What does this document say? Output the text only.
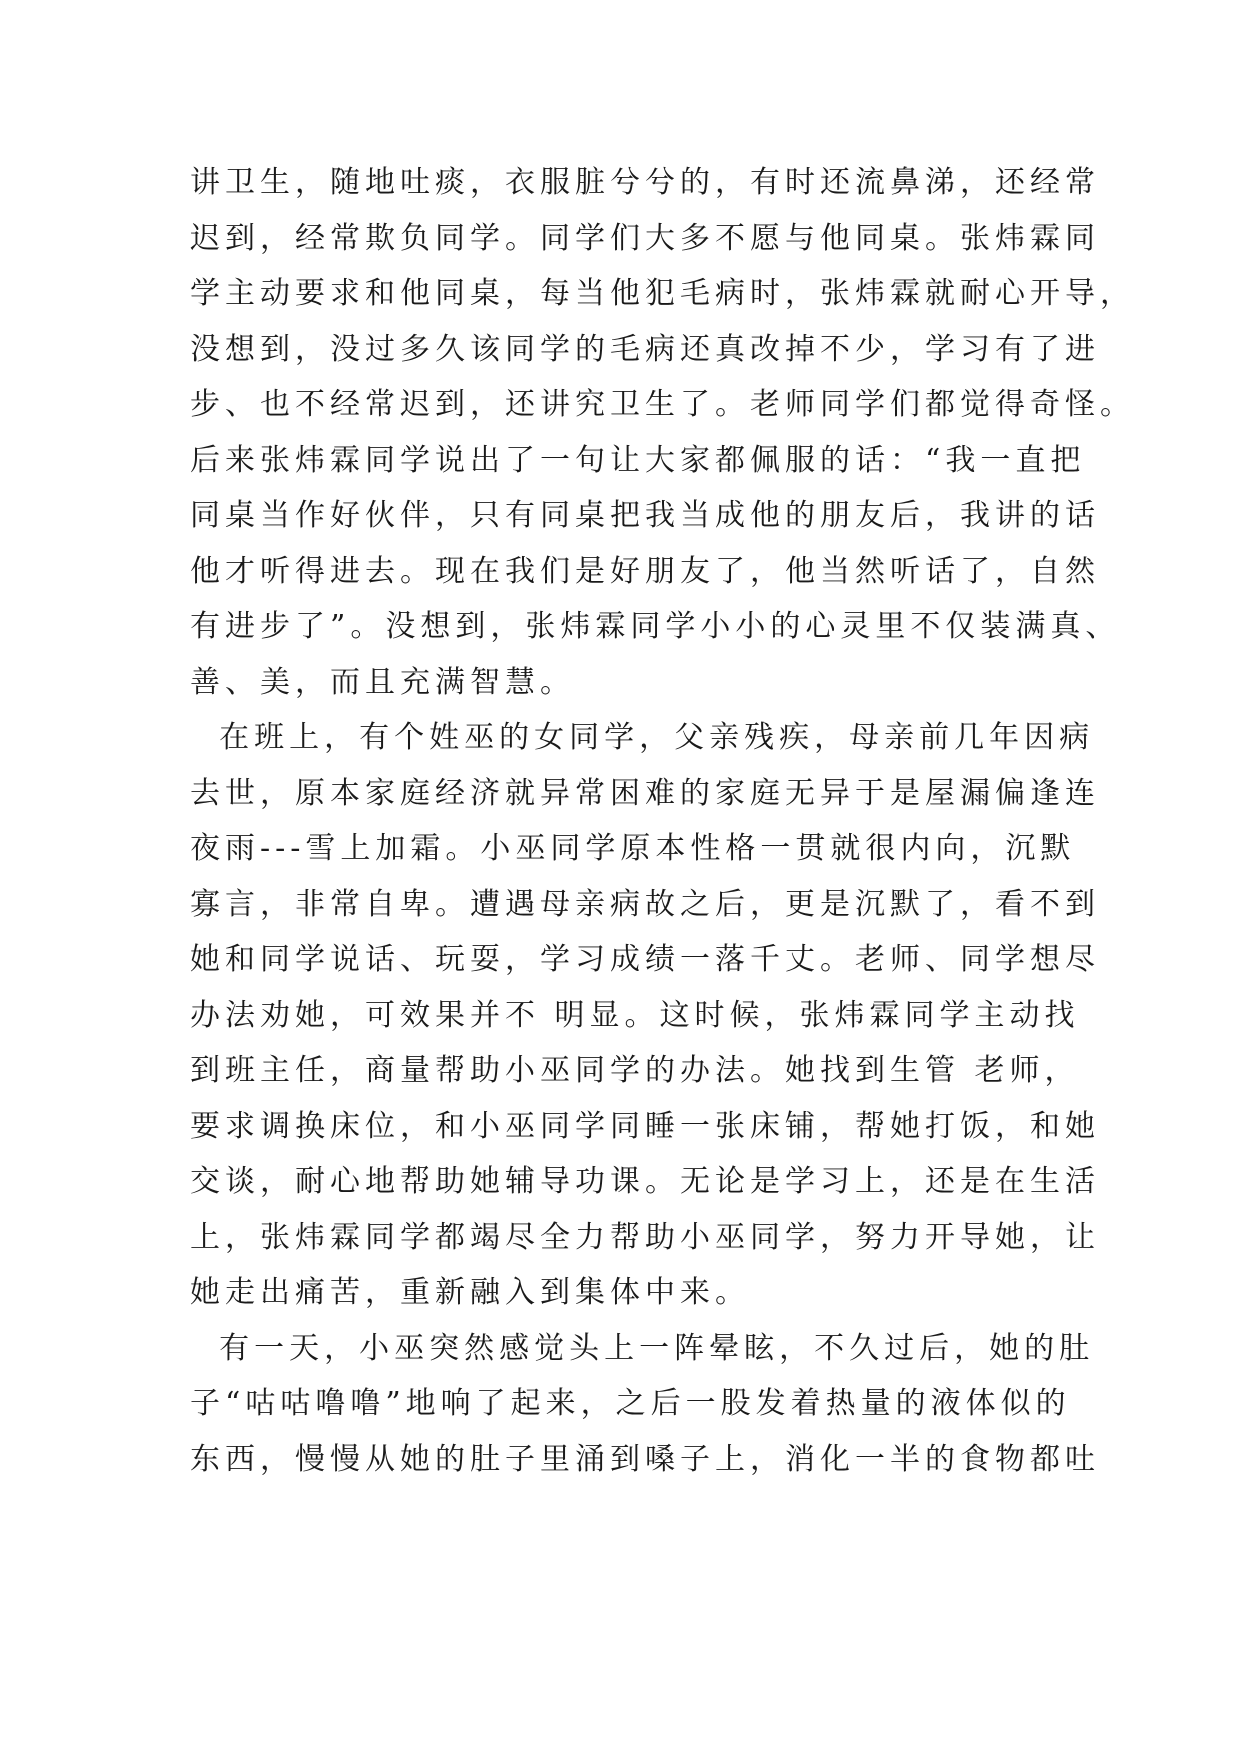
讲卫生，随地吐痰，衣服脏兮兮的，有时还流鼻涕，还经常
迟到，经常欺负同学。同学们大多不愿与他同桌。张炜霖同
学主动要求和他同桌，每当他犯毛病时，张炜霖就耐心开导，
没想到，没过多久该同学的毛病还真改掉不少，学习有了进
步、也不经常迟到，还讲究卫生了。老师同学们都觉得奇怪。
后来张炜霖同学说出了一句让大家都佩服的话：“我一直把
同桌当作好伙伴，只有同桌把我当成他的朋友后，我讲的话
他才听得进去。现在我们是好朋友了，他当然听话了，自然
有进步了”。没想到，张炜霖同学小小的心灵里不仅装满真、
善、美，而且充满智慧。
在班上，有个姓巫的女同学，父亲残疾，母亲前几年因病
去世，原本家庭经济就异常困难的家庭无异于是屋漏偏逢连
夜雨---雪上加霜。小巫同学原本性格一贯就很内向，沉默
寡言，非常自卑。遭遇母亲病故之后，更是沉默了，看不到
她和同学说话、玩耍，学习成绩一落千丈。老师、同学想尽
办法劝她，可效果并不 明显。这时候，张炜霖同学主动找
到班主任，商量帮助小巫同学的办法。她找到生管 老师，
要求调换床位，和小巫同学同睡一张床铺，帮她打饭，和她
交谈，耐心地帮助她辅导功课。无论是学习上，还是在生活
上，张炜霖同学都竭尽全力帮助小巫同学，努力开导她，让
她走出痛苦，重新融入到集体中来。
有一天，小巫突然感觉头上一阵晕眩，不久过后，她的肚
子“咕咕噜噜”地响了起来，之后一股发着热量的液体似的
东西，慢慢从她的肚子里涌到嗓子上，消化一半的食物都吐
